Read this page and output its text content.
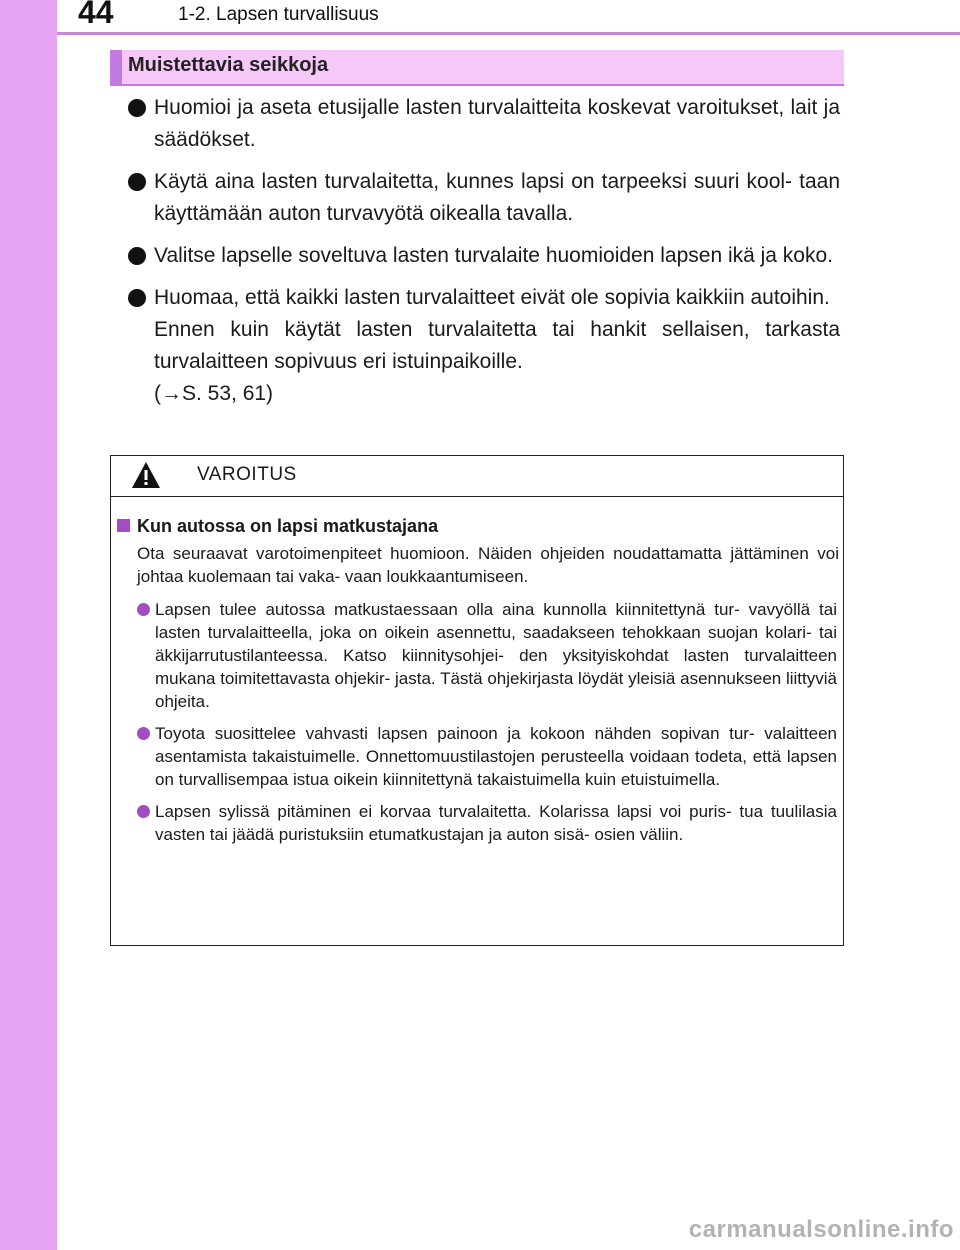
44	1-2. Lapsen turvallisuus
Muistettavia seikkoja

Huomioi ja aseta etusijalle lasten turvalaitteita koskevat varoitukset, lait ja säädökset.

Käytä aina lasten turvalaitetta, kunnes lapsi on tarpeeksi suuri kool- taan käyttämään auton turvavyötä oikealla tavalla.

Valitse lapselle soveltuva lasten turvalaite huomioiden lapsen ikä ja koko.

Huomaa, että kaikki lasten turvalaitteet eivät ole sopivia kaikkiin autoihin.

Ennen kuin käytät lasten turvalaitetta tai hankit sellaisen, tarkasta turvalaitteen sopivuus eri istuinpaikoille.

(→S. 53, 61)

VAROITUS
Kun autossa on lapsi matkustajana
Ota seuraavat varotoimenpiteet huomioon. Näiden ohjeiden noudattamatta jättäminen voi johtaa kuolemaan tai vaka- vaan loukkaantumiseen.
Lapsen tulee autossa matkustaessaan olla aina kunnolla kiinnitettynä tur- vavyöllä tai lasten turvalaitteella, joka on oikein asennettu, saadakseen tehokkaan suojan kolari- tai äkkijarrutustilanteessa. Katso kiinnitysohjei- den yksityiskohdat lasten turvalaitteen mukana toimitettavasta ohjekir- jasta. Tästä ohjekirjasta löydät yleisiä asennukseen liittyviä ohjeita.
Toyota suosittelee vahvasti lapsen painoon ja kokoon nähden sopivan tur- valaitteen asentamista takaistuimelle. Onnettomuustilastojen perusteella voidaan todeta, että lapsen on turvallisempaa istua oikein kiinnitettynä takaistuimella kuin etuistuimella.
Lapsen sylissä pitäminen ei korvaa turvalaitetta. Kolarissa lapsi voi puris- tua tuulilasia vasten tai jäädä puristuksiin etumatkustajan ja auton sisä- osien väliin.
carmanualsonline.info
